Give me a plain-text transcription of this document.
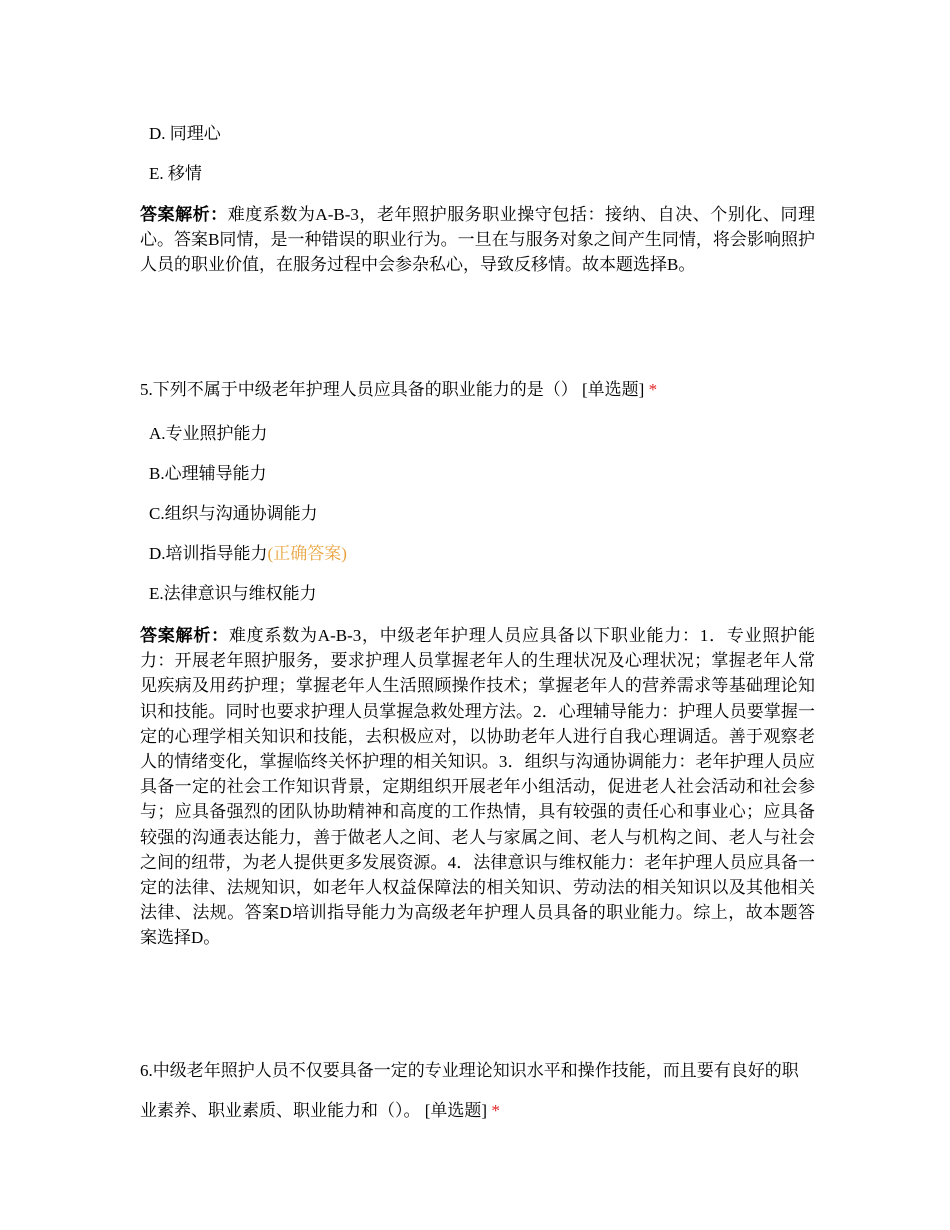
D. 同理心
E. 移情
答案解析：难度系数为A-B-3，老年照护服务职业操守包括：接纳、自决、个别化、同理心。答案B同情，是一种错误的职业行为。一旦在与服务对象之间产生同情，将会影响照护人员的职业价值，在服务过程中会参杂私心，导致反移情。故本题选择B。
5.下列不属于中级老年护理人员应具备的职业能力的是（） [单选题] *
A.专业照护能力
B.心理辅导能力
C.组织与沟通协调能力
D.培训指导能力(正确答案)
E.法律意识与维权能力
答案解析：难度系数为A-B-3，中级老年护理人员应具备以下职业能力：1．专业照护能力：开展老年照护服务，要求护理人员掌握老年人的生理状况及心理状况；掌握老年人常见疾病及用药护理；掌握老年人生活照顾操作技术；掌握老年人的营养需求等基础理论知识和技能。同时也要求护理人员掌握急救处理方法。2．心理辅导能力：护理人员要掌握一定的心理学相关知识和技能，去积极应对，以协助老年人进行自我心理调适。善于观察老人的情绪变化，掌握临终关怀护理的相关知识。3．组织与沟通协调能力：老年护理人员应具备一定的社会工作知识背景，定期组织开展老年小组活动，促进老人社会活动和社会参与；应具备强烈的团队协助精神和高度的工作热情，具有较强的责任心和事业心；应具备较强的沟通表达能力，善于做老人之间、老人与家属之间、老人与机构之间、老人与社会之间的纽带，为老人提供更多发展资源。4．法律意识与维权能力：老年护理人员应具备一定的法律、法规知识，如老年人权益保障法的相关知识、劳动法的相关知识以及其他相关法律、法规。答案D培训指导能力为高级老年护理人员具备的职业能力。综上，故本题答案选择D。
6.中级老年照护人员不仅要具备一定的专业理论知识水平和操作技能，而且要有良好的职业素养、职业素质、职业能力和（）。 [单选题] *
